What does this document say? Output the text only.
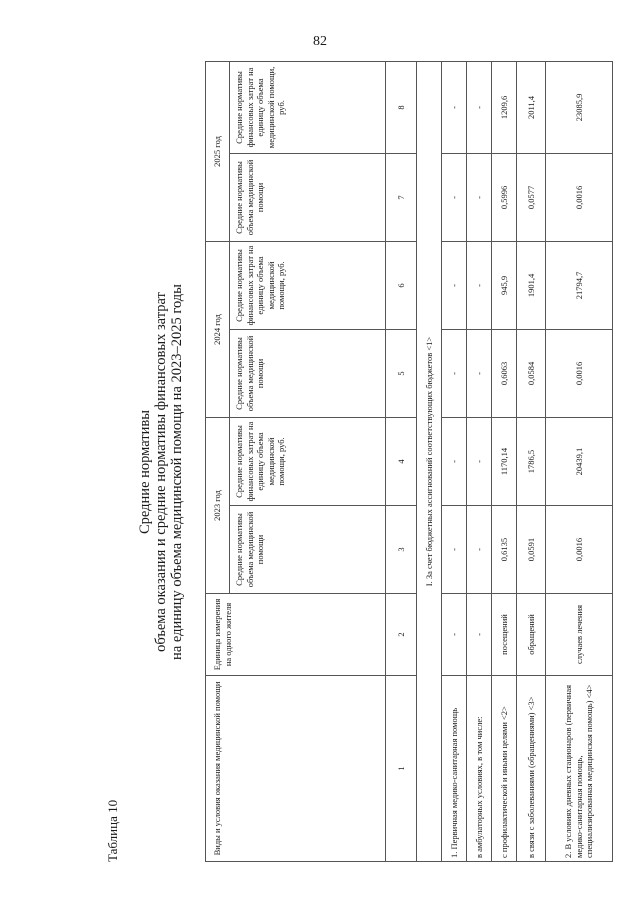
82
Таблица 10
Средние нормативы объема оказания и средние нормативы финансовых затрат на единицу объема медицинской помощи на 2023–2025 годы
Виды и условия оказания медицинской помощи	Единица измерения на одного жителя	2023 год		2024 год		2025 год	
		Средние нормативы объема медицинской помощи	Средние нормативы финансовых затрат на единицу объема медицинской помощи, руб.	Средние нормативы объема медицинской помощи	Средние нормативы финансовых затрат на единицу объема медицинской помощи, руб.	Средние нормативы объема медицинской помощи	Средние нормативы финансовых затрат на единицу объема медицинской помощи, руб.
1	2	3	4	5	6	7	8
I. За счет бюджетных ассигнований соответствующих бюджетов <1>							
1. Первичная медико-санитарная помощь	-	-	-	-	-	-	-
в амбулаторных условиях, в том числе:	-	-	-	-	-	-	-
с профилактической и иными целями <2>	посещений	0,6135	1170,14	0,6063	945,9	0,5996	1209,6
в связи с заболеваниями (обращениями) <3>	обращений	0,0591	1786,5	0,0584	1901,4	0,0577	2011,4
2. В условиях дневных стационаров (первичная медико-санитарная помощь, специализированная медицинская помощь) <4>	случаев лечения	0,0016	20439,1	0,0016	21794,7	0,0016	23085,9
